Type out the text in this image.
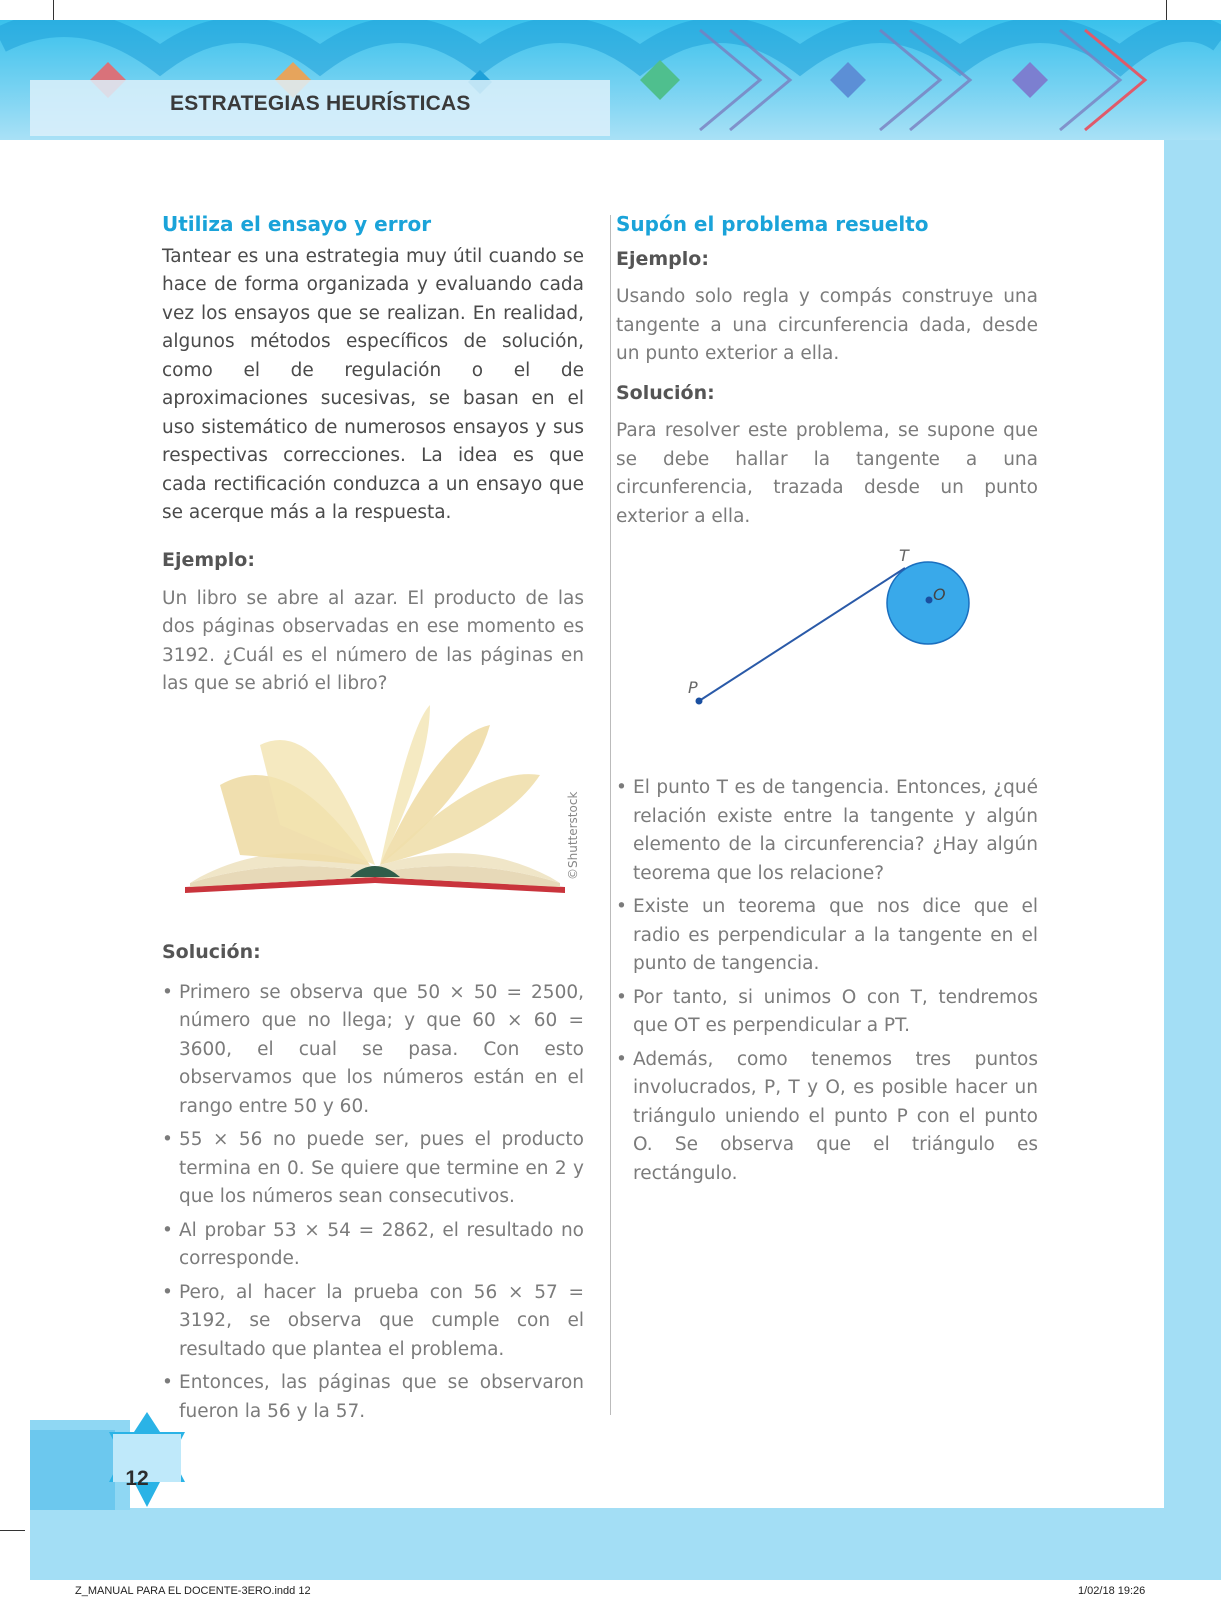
ESTRATEGIAS HEURÍSTICAS

Utiliza el ensayo y error

Tantear es una estrategia muy útil cuando se hace de forma organizada y evaluando cada vez los ensayos que se realizan. En realidad, algunos métodos específicos de solución, como el de regulación o el de aproximaciones sucesivas, se basan en el uso sistemático de numerosos ensayos y sus respectivas correcciones. La idea es que cada rectificación conduzca a un ensayo que se acerque más a la respuesta.

Ejemplo:

Un libro se abre al azar. El producto de las dos páginas observadas en ese momento es 3192. ¿Cuál es el número de las páginas en las que se abrió el libro?

©Shutterstock

Solución:

• Primero se observa que 50 × 50 = 2500, número que no llega; y que 60 × 60 = 3600, el cual se pasa. Con esto observamos que los números están en el rango entre 50 y 60.
• 55 × 56 no puede ser, pues el producto termina en 0. Se quiere que termine en 2 y que los números sean consecutivos.
• Al probar 53 × 54 = 2862, el resultado no corresponde.
• Pero, al hacer la prueba con 56 × 57 = 3192, se observa que cumple con el resultado que plantea el problema.
• Entonces, las páginas que se observaron fueron la 56 y la 57.

Supón el problema resuelto

Ejemplo:

Usando solo regla y compás construye una tangente a una circunferencia dada, desde un punto exterior a ella.

Solución:

Para resolver este problema, se supone que se debe hallar la tangente a una circunferencia, trazada desde un punto exterior a ella.

T
O
P
• El punto T es de tangencia. Entonces, ¿qué relación existe entre la tangente y algún elemento de la circunferencia? ¿Hay algún teorema que los relacione?
• Existe un teorema que nos dice que el radio es perpendicular a la tangente en el punto de tangencia.
• Por tanto, si unimos O con T, tendremos que OT es perpendicular a PT.
• Además, como tenemos tres puntos involucrados, P, T y O, es posible hacer un triángulo uniendo el punto P con el punto O. Se observa que el triángulo es rectángulo.
12
Z_MANUAL PARA EL DOCENTE-3ERO.indd 12	1/02/18 19:26
